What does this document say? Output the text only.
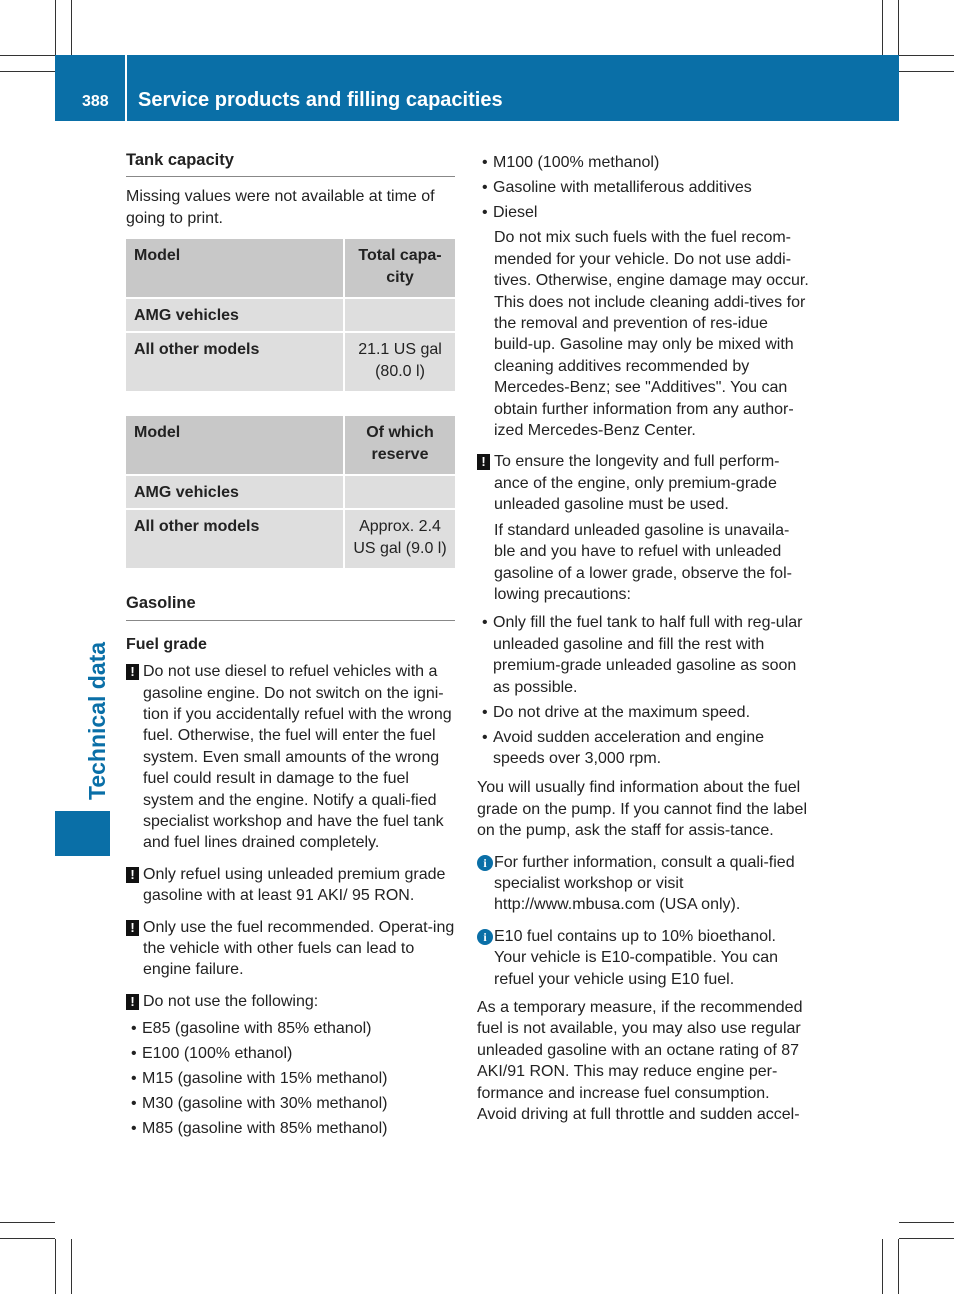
388 Service products and filling capacities
Technical data
Tank capacity

Missing values were not available at time of going to print.

Model	Total capa-
city
AMG vehicles	
All other models	21.1 US gal (80.0 l)
Model	Of which reserve
AMG vehicles	
All other models	Approx. 2.4 US gal (9.0 l)
Gasoline
Fuel grade
! Do not use diesel to refuel vehicles with a gasoline engine. Do not switch on the igni-tion if you accidentally refuel with the wrong fuel. Otherwise, the fuel will enter the fuel system. Even small amounts of the wrong fuel could result in damage to the fuel system and the engine. Notify a quali-fied specialist workshop and have the fuel tank and fuel lines drained completely.
! Only refuel using unleaded premium grade gasoline with at least 91 AKI/ 95 RON.
! Only use the fuel recommended. Operat-ing the vehicle with other fuels can lead to engine failure.
! Do not use the following:
• E85 (gasoline with 85% ethanol)
• E100 (100% ethanol)
• M15 (gasoline with 15% methanol)
• M30 (gasoline with 30% methanol)
• M85 (gasoline with 85% methanol)
• M100 (100% methanol)
• Gasoline with metalliferous additives
• Diesel

Do not mix such fuels with the fuel recom-mended for your vehicle. Do not use addi-tives. Otherwise, engine damage may occur. This does not include cleaning addi-tives for the removal and prevention of res-idue build-up. Gasoline may only be mixed with cleaning additives recommended by Mercedes-Benz; see "Additives". You can obtain further information from any author-ized Mercedes-Benz Center.

! To ensure the longevity and full perform-ance of the engine, only premium-grade unleaded gasoline must be used.

If standard unleaded gasoline is unavaila-ble and you have to refuel with unleaded gasoline of a lower grade, observe the fol-lowing precautions:

• Only fill the fuel tank to half full with reg-ular unleaded gasoline and fill the rest with premium-grade unleaded gasoline as soon as possible.
• Do not drive at the maximum speed.
• Avoid sudden acceleration and engine speeds over 3,000 rpm.

You will usually find information about the fuel grade on the pump. If you cannot find the label on the pump, ask the staff for assis-tance.

i For further information, consult a quali-fied specialist workshop or visit http://www.mbusa.com (USA only).
i E10 fuel contains up to 10% bioethanol. Your vehicle is E10-compatible. You can refuel your vehicle using E10 fuel.

As a temporary measure, if the recommended fuel is not available, you may also use regular unleaded gasoline with an octane rating of 87 AKI/91 RON. This may reduce engine per-formance and increase fuel consumption. Avoid driving at full throttle and sudden accel-
